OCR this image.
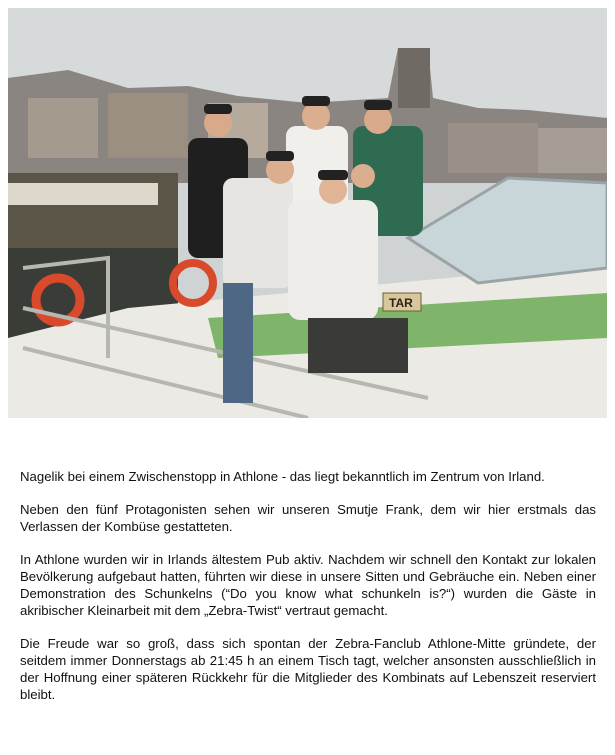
TAR

Nagelik bei einem Zwischenstopp in Athlone - das liegt bekanntlich im Zentrum von Irland.

Neben den fünf Protagonisten sehen wir unseren Smutje Frank, dem wir hier erstmals das Verlassen der Kombüse gestatteten.

In Athlone wurden wir in Irlands ältestem Pub aktiv. Nachdem wir schnell den Kontakt zur lokalen Bevölkerung aufgebaut hatten, führten wir diese in unsere Sitten und Gebräuche ein. Neben einer Demonstration des Schunkelns (“Do you know what schunkeln is?“) wurden die Gäste in akribischer Kleinarbeit mit dem „Zebra-Twist“ vertraut gemacht.

Die Freude war so groß, dass sich spontan der Zebra-Fanclub Athlone-Mitte gründete, der seitdem immer Donnerstags ab 21:45 h an einem Tisch tagt, welcher ansonsten ausschließlich in der Hoffnung einer späteren Rückkehr für die Mitglieder des Kombinats auf Lebenszeit reserviert bleibt.
